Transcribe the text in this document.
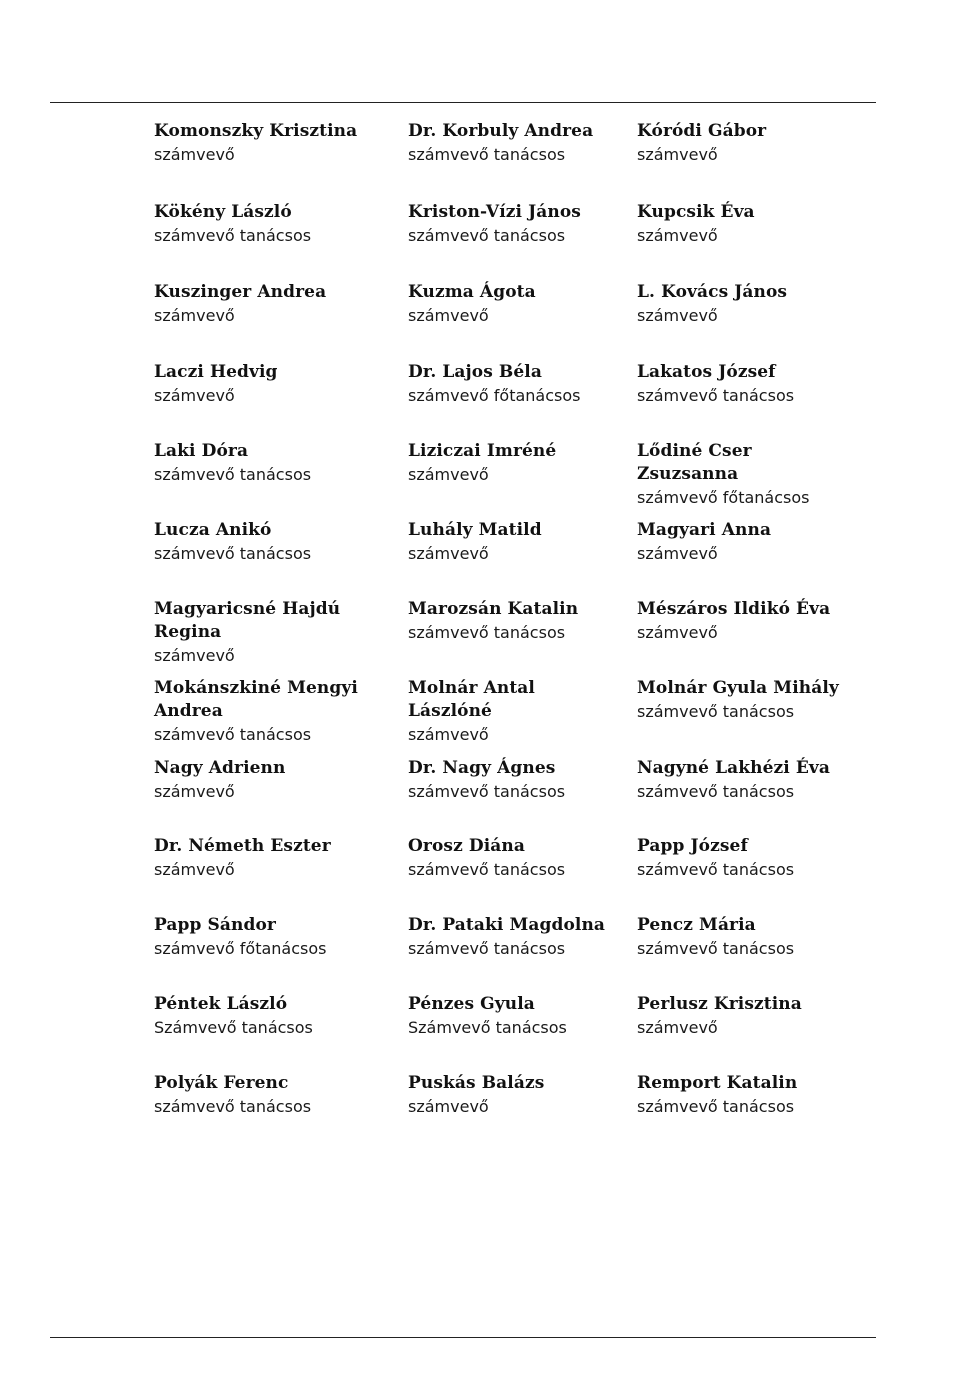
Komonszky Krisztina
számvevő
Dr. Korbuly Andrea
számvevő tanácsos
Kóródi Gábor
számvevő
Kökény László
számvevő tanácsos
Kriston-Vízi János
számvevő tanácsos
Kupcsik Éva
számvevő
Kuszinger Andrea
számvevő
Kuzma Ágota
számvevő
L. Kovács János
számvevő
Laczi Hedvig
számvevő
Dr. Lajos Béla
számvevő főtanácsos
Lakatos József
számvevő tanácsos
Laki Dóra
számvevő tanácsos
Liziczai Imréné
számvevő
Lődiné Cser
Zsuzsanna
számvevő főtanácsos
Lucza Anikó
számvevő tanácsos
Luhály Matild
számvevő
Magyari Anna
számvevő
Magyaricsné Hajdú
Regina
számvevő
Marozsán Katalin
számvevő tanácsos
Mészáros Ildikó Éva
számvevő
Mokánszkiné Mengyi
Andrea
számvevő tanácsos
Molnár Antal
Lászlóné
számvevő
Molnár Gyula Mihály
számvevő tanácsos
Nagy Adrienn
számvevő
Dr. Nagy Ágnes
számvevő tanácsos
Nagyné Lakhézi Éva
számvevő tanácsos
Dr. Németh Eszter
számvevő
Orosz Diána
számvevő tanácsos
Papp József
számvevő tanácsos
Papp Sándor
számvevő főtanácsos
Dr. Pataki Magdolna
számvevő tanácsos
Pencz Mária
számvevő tanácsos
Péntek László
Számvevő tanácsos
Pénzes Gyula
Számvevő tanácsos
Perlusz Krisztina
számvevő
Polyák Ferenc
számvevő tanácsos
Puskás Balázs
számvevő
Remport Katalin
számvevő tanácsos
